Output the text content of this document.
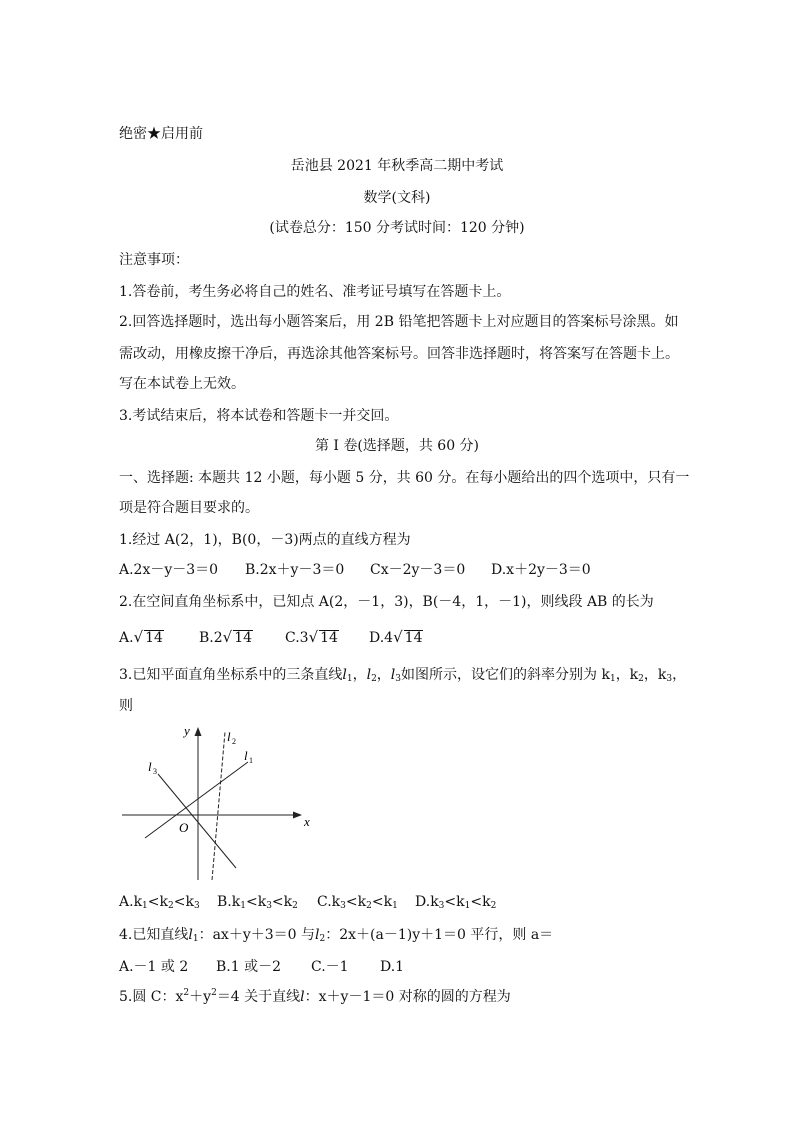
绝密★启用前
岳池县 2021 年秋季高二期中考试
数学(文科)
(试卷总分：150 分考试时间：120 分钟)
注意事项：
1.答卷前，考生务必将自己的姓名、准考证号填写在答题卡上。
2.回答选择题时，选出每小题答案后，用 2B 铅笔把答题卡上对应题目的答案标号涂黑。如
需改动，用橡皮擦干净后，再选涂其他答案标号。回答非选择题时，将答案写在答题卡上。
写在本试卷上无效。
3.考试结束后，将本试卷和答题卡一并交回。
第 I 卷(选择题，共 60 分)
一、选择题: 本题共 12 小题，每小题 5 分，共 60 分。在每小题给出的四个选项中，只有一
项是符合题目要求的。
1.经过 A(2，1)，B(0，－3)两点的直线方程为
A.2x－y－3＝0 B.2x＋y－3＝0 Cx－2y－3＝0 D.x＋2y－3＝0
2.在空间直角坐标系中，已知点 A(2，－1，3)，B(－4，1，－1)，则线段 AB 的长为
A.√ 14	B.2√ 14 C.3√ 14 D.4√ 14
3.已知平面直角坐标系中的三条直线$l_1$，$l_2$，$l_3$如图所示，设它们的斜率分别为 $k_1$，$k_2$，$k_3$，
则
x
y
O
l 1
l 2
l 3
$A.k_1<k_2<k_3$ $B.k_1<k_3<k_2$ $C.k_3<k_2<k_1$ $D.k_3<k_1<k_2$
4.已知直线$l_1$：ax＋y＋3＝0 与$l_2$：2x＋(a－1)y＋1＝0 平行，则 a＝
A.－1 或 2 B.1 或－2 C.－1 D.1
5.圆 C：$x^2+y^2=4$ 关于直线l：x＋y－1＝0 对称的圆的方程为
